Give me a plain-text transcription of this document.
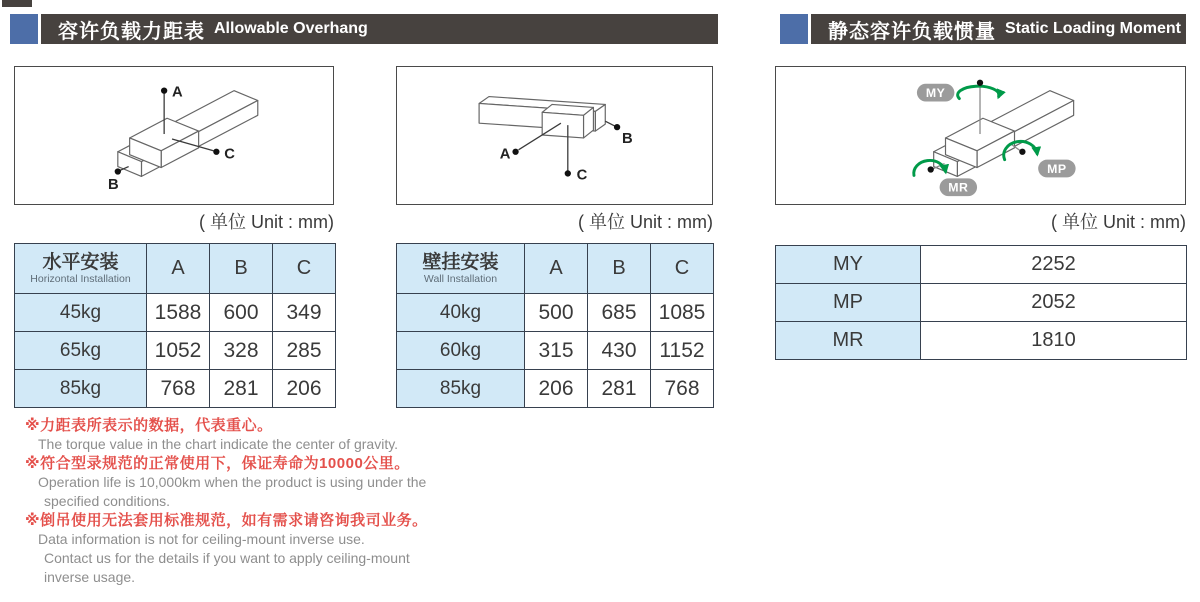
容许负载力距表 Allowable Overhang	静态容许负载惯量 Static Loading Moment
A
B
C	A
B
C
MY
MP
MR
( 单位 Unit : mm)	( 单位 Unit : mm)	( 单位 Unit : mm)
水平安装
Horizontal Installation	A	B	C
45kg	1588	600	349
65kg	1052	328	285
85kg	768	281	206
壁挂安装
Wall Installation	A	B	C
40kg	500	685	1085
60kg	315	430	1152
85kg	206	281	768
MY	2252
MP	2052
MR	1810
※力距表所表示的数据，代表重心。
The torque value in the chart indicate the center of gravity.
※符合型录规范的正常使用下，保证寿命为10000公里。
Operation life is 10,000km when the product is using under the
specified conditions.
※倒吊使用无法套用标准规范，如有需求请咨询我司业务。
Data information is not for ceiling-mount inverse use.
Contact us for the details if you want to apply ceiling-mount
inverse usage.
